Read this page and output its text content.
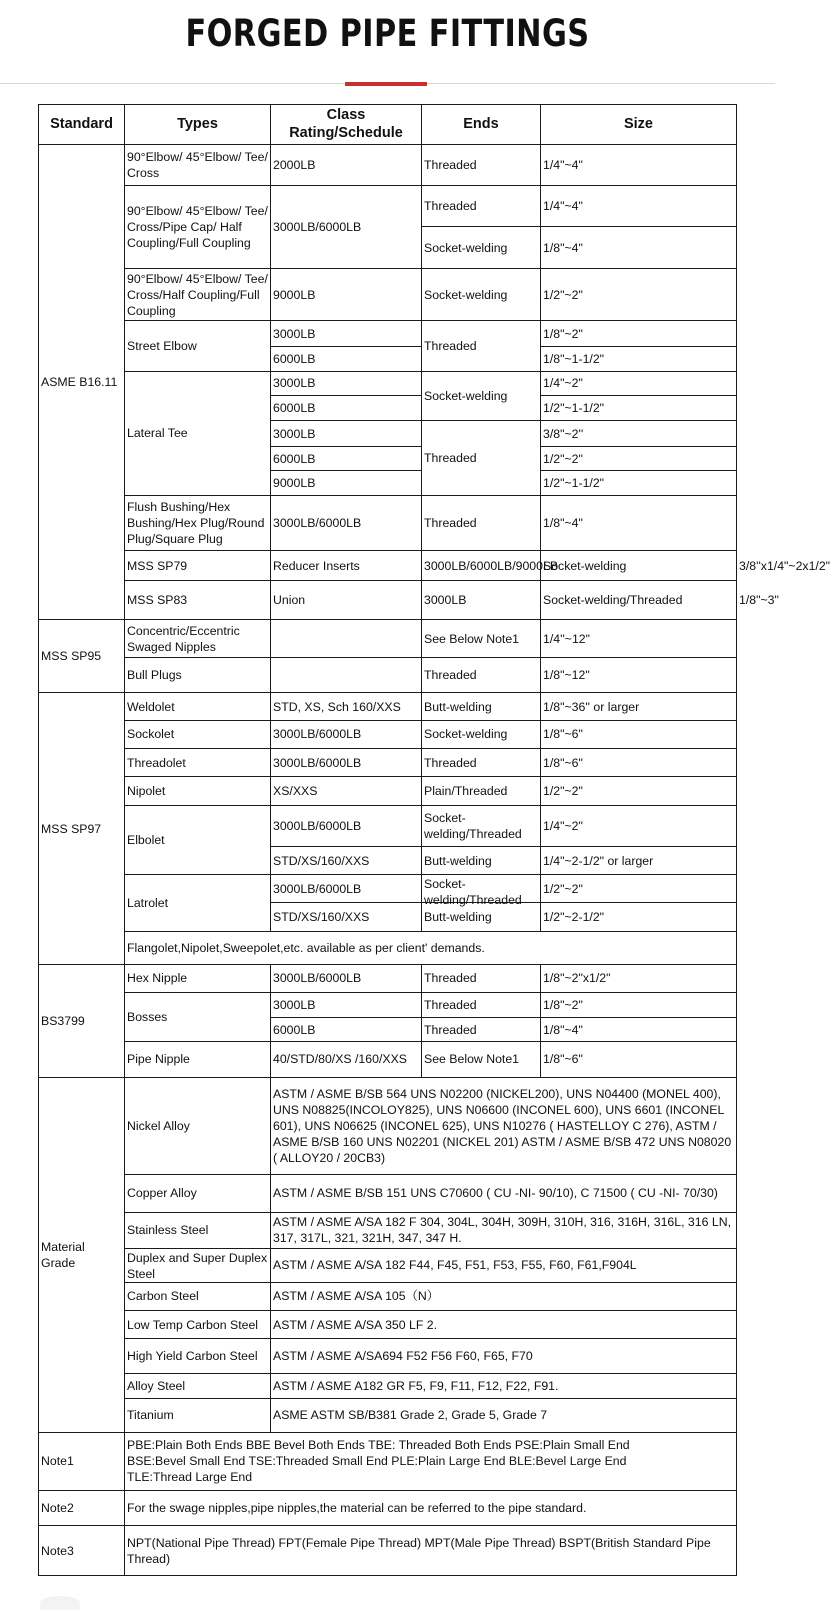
FORGED PIPE FITTINGS
Standard	Types	Class Rating/Schedule	Ends	Size	
ASME B16.11	90°Elbow/ 45°Elbow/ Tee/ Cross	2000LB	Threaded	1/4"~4"	
	90°Elbow/ 45°Elbow/ Tee/ Cross/Pipe Cap/ Half Coupling/Full Coupling	3000LB/6000LB	Threaded	1/4"~4"	
			Socket-welding	1/8"~4"	
	90°Elbow/ 45°Elbow/ Tee/ Cross/Half Coupling/Full Coupling	9000LB	Socket-welding	1/2"~2"	
	Street Elbow	3000LB	Threaded	1/8"~2"	
		6000LB		1/8"~1-1/2"	
	Lateral Tee	3000LB	Socket-welding	1/4"~2"	
		6000LB		1/2"~1-1/2"	
		3000LB	Threaded	3/8"~2''	
		6000LB		1/2"~2"	
		9000LB		1/2"~1-1/2"	
	Flush Bushing/Hex Bushing/Hex Plug/Round Plug/Square Plug	3000LB/6000LB	Threaded	1/8"~4"	
	MSS SP79	Reducer Inserts	3000LB/6000LB/9000LB	Socket-welding	3/8''x1/4"~2x1/2"
	MSS SP83	Union	3000LB	Socket-welding/Threaded	1/8"~3"
MSS SP95	Concentric/Eccentric Swaged Nipples		See Below Note1	1/4''~12"	
	Bull Plugs		Threaded	1/8"~12"	
MSS SP97	Weldolet	STD, XS, Sch 160/XXS	Butt-welding	1/8"~36'' or larger	
	Sockolet	3000LB/6000LB	Socket-welding	1/8"~6"	
	Threadolet	3000LB/6000LB	Threaded	1/8"~6"	
	Nipolet	XS/XXS	Plain/Threaded	1/2"~2"	
	Elbolet	3000LB/6000LB	Socket-welding/Threaded	1/4"~2"	
		STD/XS/160/XXS	Butt-welding	1/4"~2-1/2" or larger	
	Latrolet	3000LB/6000LB	Socket-welding/Threaded	1/2"~2"	
		STD/XS/160/XXS	Butt-welding	1/2"~2-1/2"	
	Flangolet,Nipolet,Sweepolet,etc. available as per client' demands.				
BS3799	Hex Nipple	3000LB/6000LB	Threaded	1/8"~2"x1/2"	
	Bosses	3000LB	Threaded	1/8"~2"	
		6000LB	Threaded	1/8"~4"	
	Pipe Nipple	40/STD/80/XS /160/XXS	See Below Note1	1/8"~6"	
Material Grade	Nickel Alloy	ASTM / ASME B/SB 564 UNS N02200 (NICKEL200), UNS N04400 (MONEL 400), UNS N08825(INCOLOY825), UNS N06600 (INCONEL 600), UNS 6601 (INCONEL 601), UNS N06625 (INCONEL 625), UNS N10276 ( HASTELLOY C 276), ASTM / ASME B/SB 160 UNS N02201 (NICKEL 201) ASTM / ASME B/SB 472 UNS N08020 ( ALLOY20 / 20CB3)			
	Copper Alloy	ASTM / ASME B/SB 151 UNS C70600 ( CU -NI- 90/10), C 71500 ( CU -NI- 70/30)			
	Stainless Steel	ASTM / ASME A/SA 182 F 304, 304L, 304H, 309H, 310H, 316, 316H, 316L, 316 LN, 317, 317L, 321, 321H, 347, 347 H.			

	Duplex and Super Duplex Steel	ASTM / ASME A/SA 182 F44, F45, F51, F53, F55, F60, F61,F904L			
	Carbon Steel	ASTM / ASME A/SA 105（N）			
	Low Temp Carbon Steel	ASTM / ASME A/SA 350 LF 2.			
	High Yield Carbon Steel	ASTM / ASME A/SA694 F52 F56 F60, F65, F70			
	Alloy Steel	ASTM / ASME A182 GR F5, F9, F11, F12, F22, F91.			
	Titanium	ASME ASTM SB/B381 Grade 2, Grade 5, Grade 7			
Note1	PBE:Plain Both Ends BBE Bevel Both Ends TBE: Threaded Both Ends PSE:Plain Small End
BSE:Bevel Small End TSE:Threaded Small End PLE:Plain Large End BLE:Bevel Large End
TLE:Thread Large End				

Note2	For the swage nipples,pipe nipples,the material can be referred to the pipe standard.				
Note3	NPT(National Pipe Thread) FPT(Female Pipe Thread) MPT(Male Pipe Thread) BSPT(British Standard Pipe Thread)				
